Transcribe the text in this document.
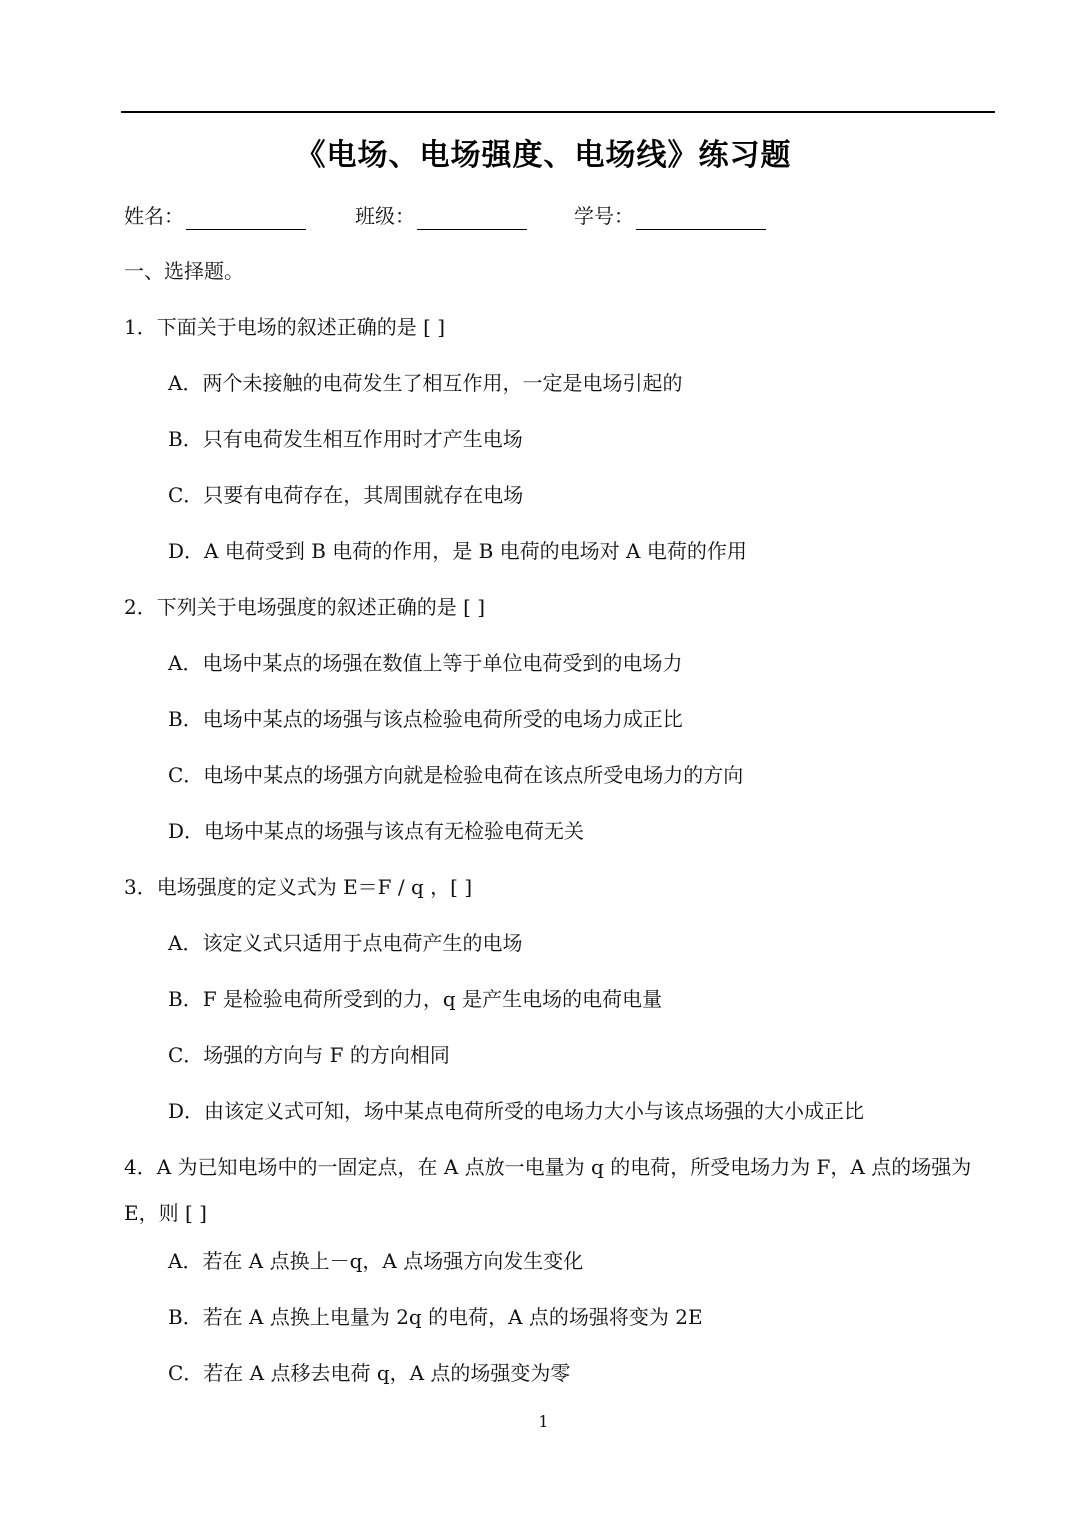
《电场、电场强度、电场线》练习题
姓名：	班级：	学号：
一、选择题。
1．下面关于电场的叙述正确的是 [ ]
A．两个未接触的电荷发生了相互作用，一定是电场引起的
B．只有电荷发生相互作用时才产生电场
C．只要有电荷存在，其周围就存在电场
D．A 电荷受到 B 电荷的作用，是 B 电荷的电场对 A 电荷的作用
2．下列关于电场强度的叙述正确的是 [ ]
A．电场中某点的场强在数值上等于单位电荷受到的电场力
B．电场中某点的场强与该点检验电荷所受的电场力成正比
C．电场中某点的场强方向就是检验电荷在该点所受电场力的方向
D．电场中某点的场强与该点有无检验电荷无关
3．电场强度的定义式为 E＝F / q ，[ ]
A．该定义式只适用于点电荷产生的电场
B．F 是检验电荷所受到的力，q 是产生电场的电荷电量
C．场强的方向与 F 的方向相同
D．由该定义式可知，场中某点电荷所受的电场力大小与该点场强的大小成正比
4．A 为已知电场中的一固定点，在 A 点放一电量为 q 的电荷，所受电场力为 F，A 点的场强为 E，则 [ ]
A．若在 A 点换上－q，A 点场强方向发生变化
B．若在 A 点换上电量为 2q 的电荷，A 点的场强将变为 2E
C．若在 A 点移去电荷 q，A 点的场强变为零
1
